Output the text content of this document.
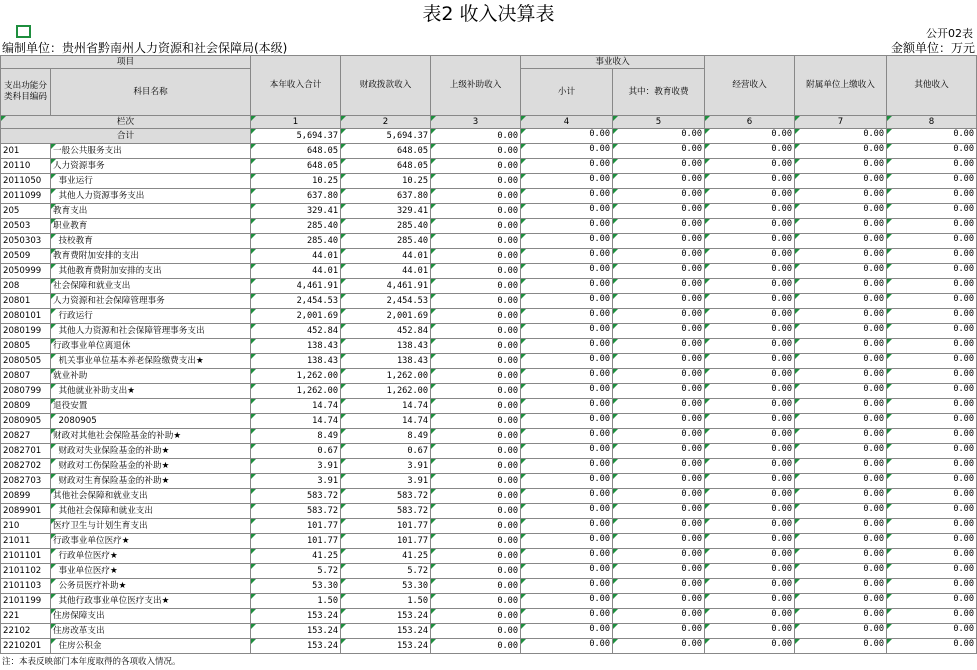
表2 收入决算表
公开02表
编制单位：贵州省黔南州人力资源和社会保障局(本级)	金额单位：万元
项目		本年收入合计	财政拨款收入	上级补助收入	事业收入		经营收入	附属单位上缴收入	其他收入
支出功能分类科目编码	科目名称				小计	其中：教育收费			
栏次		1	2	3	4	5	6	7	8
合计		5,694.37	5,694.37	0.00	0.00	0.00	0.00	0.00	0.00
201	一般公共服务支出	648.05	648.05	0.00	0.00	0.00	0.00	0.00	0.00
20110	人力资源事务	648.05	648.05	0.00	0.00	0.00	0.00	0.00	0.00
2011050	事业运行	10.25	10.25	0.00	0.00	0.00	0.00	0.00	0.00
2011099	其他人力资源事务支出	637.80	637.80	0.00	0.00	0.00	0.00	0.00	0.00
205	教育支出	329.41	329.41	0.00	0.00	0.00	0.00	0.00	0.00
20503	职业教育	285.40	285.40	0.00	0.00	0.00	0.00	0.00	0.00
2050303	技校教育	285.40	285.40	0.00	0.00	0.00	0.00	0.00	0.00
20509	教育费附加安排的支出	44.01	44.01	0.00	0.00	0.00	0.00	0.00	0.00
2050999	其他教育费附加安排的支出	44.01	44.01	0.00	0.00	0.00	0.00	0.00	0.00
208	社会保障和就业支出	4,461.91	4,461.91	0.00	0.00	0.00	0.00	0.00	0.00
20801	人力资源和社会保障管理事务	2,454.53	2,454.53	0.00	0.00	0.00	0.00	0.00	0.00
2080101	行政运行	2,001.69	2,001.69	0.00	0.00	0.00	0.00	0.00	0.00
2080199	其他人力资源和社会保障管理事务支出	452.84	452.84	0.00	0.00	0.00	0.00	0.00	0.00
20805	行政事业单位离退休	138.43	138.43	0.00	0.00	0.00	0.00	0.00	0.00
2080505	机关事业单位基本养老保险缴费支出★	138.43	138.43	0.00	0.00	0.00	0.00	0.00	0.00
20807	就业补助	1,262.00	1,262.00	0.00	0.00	0.00	0.00	0.00	0.00
2080799	其他就业补助支出★	1,262.00	1,262.00	0.00	0.00	0.00	0.00	0.00	0.00
20809	退役安置	14.74	14.74	0.00	0.00	0.00	0.00	0.00	0.00
2080905	2080905	14.74	14.74	0.00	0.00	0.00	0.00	0.00	0.00
20827	财政对其他社会保险基金的补助★	8.49	8.49	0.00	0.00	0.00	0.00	0.00	0.00
2082701	财政对失业保险基金的补助★	0.67	0.67	0.00	0.00	0.00	0.00	0.00	0.00
2082702	财政对工伤保险基金的补助★	3.91	3.91	0.00	0.00	0.00	0.00	0.00	0.00
2082703	财政对生育保险基金的补助★	3.91	3.91	0.00	0.00	0.00	0.00	0.00	0.00
20899	其他社会保障和就业支出	583.72	583.72	0.00	0.00	0.00	0.00	0.00	0.00
2089901	其他社会保障和就业支出	583.72	583.72	0.00	0.00	0.00	0.00	0.00	0.00
210	医疗卫生与计划生育支出	101.77	101.77	0.00	0.00	0.00	0.00	0.00	0.00
21011	行政事业单位医疗★	101.77	101.77	0.00	0.00	0.00	0.00	0.00	0.00
2101101	行政单位医疗★	41.25	41.25	0.00	0.00	0.00	0.00	0.00	0.00
2101102	事业单位医疗★	5.72	5.72	0.00	0.00	0.00	0.00	0.00	0.00
2101103	公务员医疗补助★	53.30	53.30	0.00	0.00	0.00	0.00	0.00	0.00
2101199	其他行政事业单位医疗支出★	1.50	1.50	0.00	0.00	0.00	0.00	0.00	0.00
221	住房保障支出	153.24	153.24	0.00	0.00	0.00	0.00	0.00	0.00
22102	住房改革支出	153.24	153.24	0.00	0.00	0.00	0.00	0.00	0.00
2210201	住房公积金	153.24	153.24	0.00	0.00	0.00	0.00	0.00	0.00
注：本表反映部门本年度取得的各项收入情况。
